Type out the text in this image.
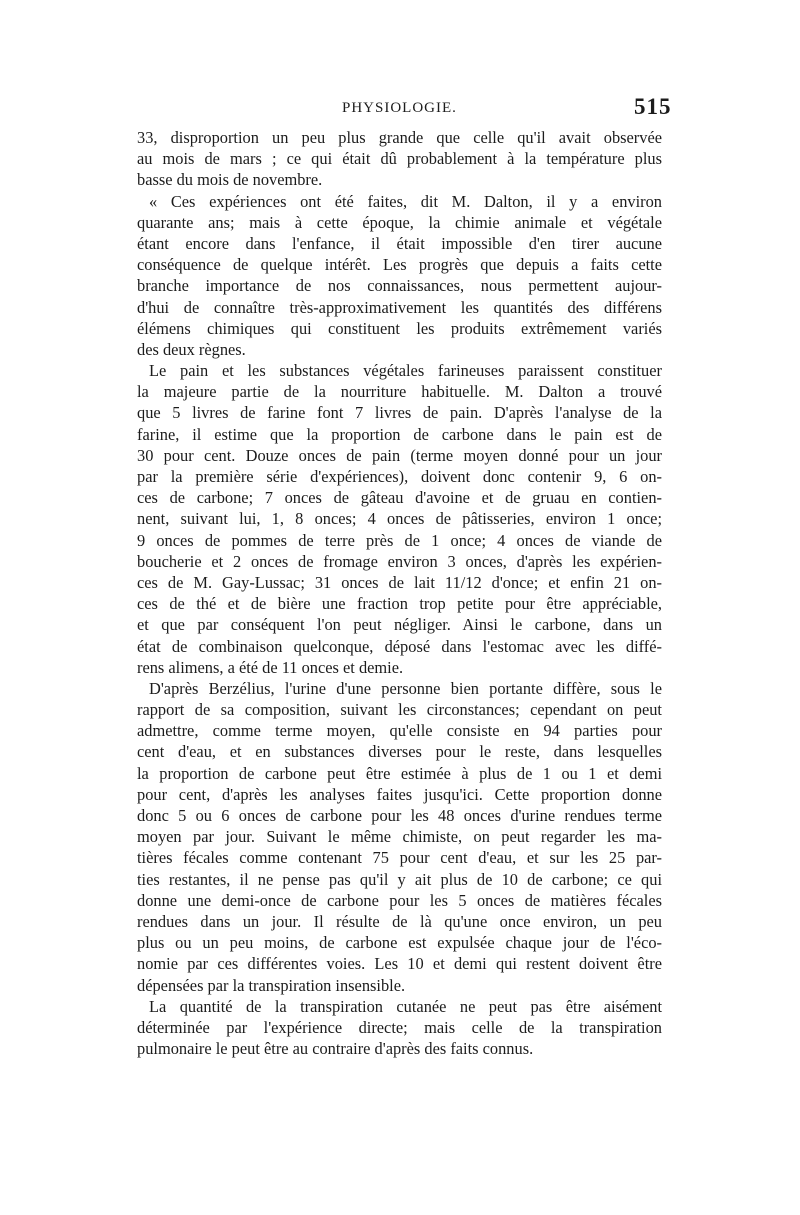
PHYSIOLOGIE.	515
33, disproportion un peu plus grande que celle qu'il avait observée
au mois de mars ; ce qui était dû probablement à la température plus
basse du mois de novembre.
« Ces expériences ont été faites, dit M. Dalton, il y a environ
quarante ans; mais à cette époque, la chimie animale et végétale
étant encore dans l'enfance, il était impossible d'en tirer aucune
conséquence de quelque intérêt. Les progrès que depuis a faits cette
branche importance de nos connaissances, nous permettent aujour-
d'hui de connaître très-approximativement les quantités des différens
élémens chimiques qui constituent les produits extrêmement variés
des deux règnes.
Le pain et les substances végétales farineuses paraissent constituer
la majeure partie de la nourriture habituelle. M. Dalton a trouvé
que 5 livres de farine font 7 livres de pain. D'après l'analyse de la
farine, il estime que la proportion de carbone dans le pain est de
30 pour cent. Douze onces de pain (terme moyen donné pour un jour
par la première série d'expériences), doivent donc contenir 9, 6 on-
ces de carbone; 7 onces de gâteau d'avoine et de gruau en contien-
nent, suivant lui, 1, 8 onces; 4 onces de pâtisseries, environ 1 once;
9 onces de pommes de terre près de 1 once; 4 onces de viande de
boucherie et 2 onces de fromage environ 3 onces, d'après les expérien-
ces de M. Gay-Lussac; 31 onces de lait 11/12 d'once; et enfin 21 on-
ces de thé et de bière une fraction trop petite pour être appréciable,
et que par conséquent l'on peut négliger. Ainsi le carbone, dans un
état de combinaison quelconque, déposé dans l'estomac avec les diffé-
rens alimens, a été de 11 onces et demie.
D'après Berzélius, l'urine d'une personne bien portante diffère, sous le
rapport de sa composition, suivant les circonstances; cependant on peut
admettre, comme terme moyen, qu'elle consiste en 94 parties pour
cent d'eau, et en substances diverses pour le reste, dans lesquelles
la proportion de carbone peut être estimée à plus de 1 ou 1 et demi
pour cent, d'après les analyses faites jusqu'ici. Cette proportion donne
donc 5 ou 6 onces de carbone pour les 48 onces d'urine rendues terme
moyen par jour. Suivant le même chimiste, on peut regarder les ma-
tières fécales comme contenant 75 pour cent d'eau, et sur les 25 par-
ties restantes, il ne pense pas qu'il y ait plus de 10 de carbone; ce qui
donne une demi-once de carbone pour les 5 onces de matières fécales
rendues dans un jour. Il résulte de là qu'une once environ, un peu
plus ou un peu moins, de carbone est expulsée chaque jour de l'éco-
nomie par ces différentes voies. Les 10 et demi qui restent doivent être
dépensées par la transpiration insensible.
La quantité de la transpiration cutanée ne peut pas être aisément
déterminée par l'expérience directe; mais celle de la transpiration
pulmonaire le peut être au contraire d'après des faits connus.
